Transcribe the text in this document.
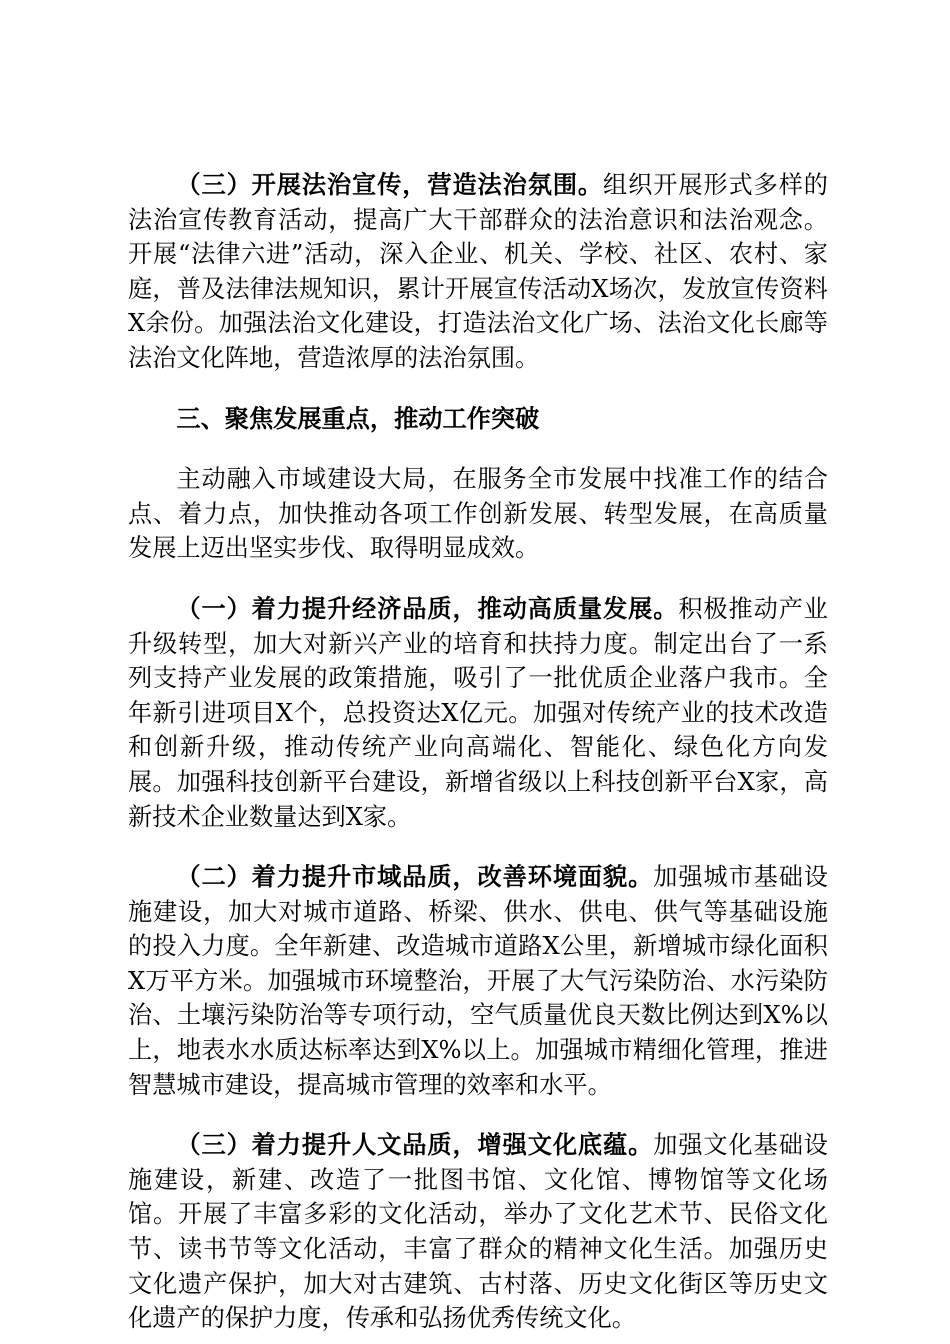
（三）开展法治宣传，营造法治氛围。组织开展形式多样的法治宣传教育活动，提高广大干部群众的法治意识和法治观念。开展“法律六进”活动，深入企业、机关、学校、社区、农村、家庭，普及法律法规知识，累计开展宣传活动X场次，发放宣传资料X余份。加强法治文化建设，打造法治文化广场、法治文化长廊等法治文化阵地，营造浓厚的法治氛围。

三、聚焦发展重点，推动工作突破

主动融入市域建设大局，在服务全市发展中找准工作的结合点、着力点，加快推动各项工作创新发展、转型发展，在高质量发展上迈出坚实步伐、取得明显成效。

（一）着力提升经济品质，推动高质量发展。积极推动产业升级转型，加大对新兴产业的培育和扶持力度。制定出台了一系列支持产业发展的政策措施，吸引了一批优质企业落户我市。全年新引进项目X个，总投资达X亿元。加强对传统产业的技术改造和创新升级，推动传统产业向高端化、智能化、绿色化方向发展。加强科技创新平台建设，新增省级以上科技创新平台X家，高新技术企业数量达到X家。

（二）着力提升市域品质，改善环境面貌。加强城市基础设施建设，加大对城市道路、桥梁、供水、供电、供气等基础设施的投入力度。全年新建、改造城市道路X公里，新增城市绿化面积X万平方米。加强城市环境整治，开展了大气污染防治、水污染防治、土壤污染防治等专项行动，空气质量优良天数比例达到X%以上，地表水水质达标率达到X%以上。加强城市精细化管理，推进智慧城市建设，提高城市管理的效率和水平。

（三）着力提升人文品质，增强文化底蕴。加强文化基础设施建设，新建、改造了一批图书馆、文化馆、博物馆等文化场馆。开展了丰富多彩的文化活动，举办了文化艺术节、民俗文化节、读书节等文化活动，丰富了群众的精神文化生活。加强历史文化遗产保护，加大对古建筑、古村落、历史文化街区等历史文化遗产的保护力度，传承和弘扬优秀传统文化。
